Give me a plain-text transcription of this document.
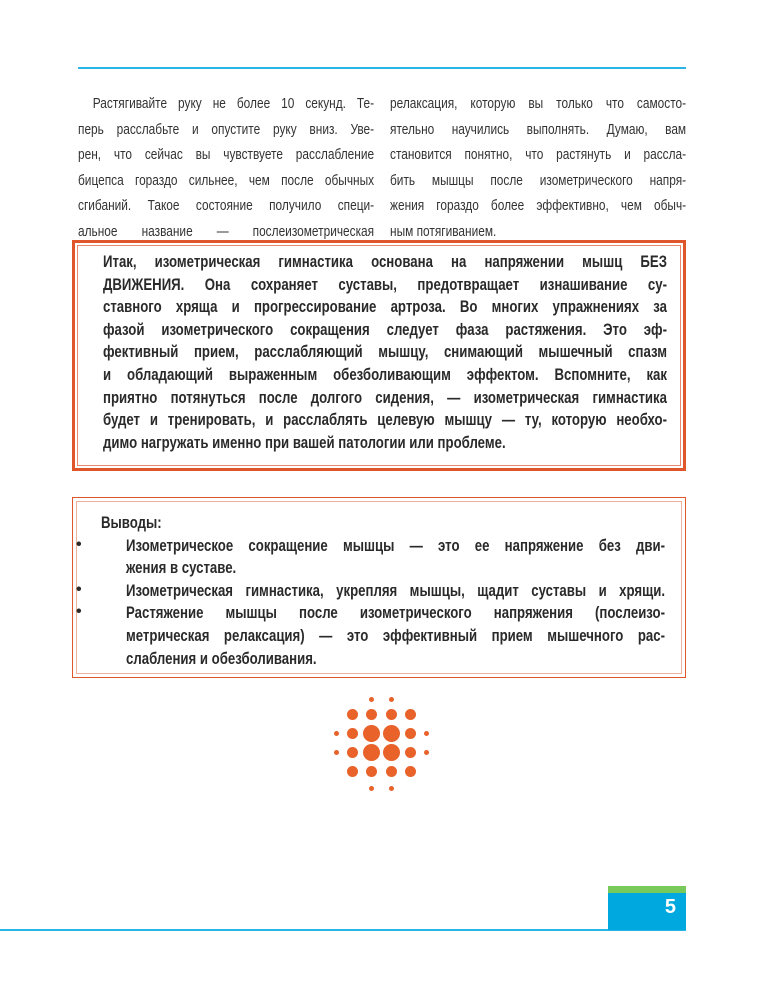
Растягивайте руку не более 10 секунд. Те-
перь расслабьте и опустите руку вниз. Уве-
рен, что сейчас вы чувствуете расслабление
бицепса гораздо сильнее, чем после обычных
сгибаний. Такое состояние получило специ-
альное название — послеизометрическая
релаксация, которую вы только что самосто-
ятельно научились выполнять. Думаю, вам
становится понятно, что растянуть и рассла-
бить мышцы после изометрического напря-
жения гораздо более эффективно, чем обыч-
ным потягиванием.
Итак, изометрическая гимнастика основана на напряжении мышц БЕЗ
ДВИЖЕНИЯ. Она сохраняет суставы, предотвращает изнашивание су-
ставного хряща и прогрессирование артроза. Во многих упражнениях за
фазой изометрического сокращения следует фаза растяжения. Это эф-
фективный прием, расслабляющий мышцу, снимающий мышечный спазм
и обладающий выраженным обезболивающим эффектом. Вспомните, как
приятно потянуться после долгого сидения, — изометрическая гимнастика
будет и тренировать, и расслаблять целевую мышцу — ту, которую необхо-
димо нагружать именно при вашей патологии или проблеме.
Выводы:
•	Изометрическое сокращение мышцы — это ее напряжение без дви-
жения в суставе.
•	Изометрическая гимнастика, укрепляя мышцы, щадит суставы и хрящи.
•	Растяжение мышцы после изометрического напряжения (послеизо-
метрическая релаксация) — это эффективный прием мышечного рас-
слабления и обезболивания.
5
